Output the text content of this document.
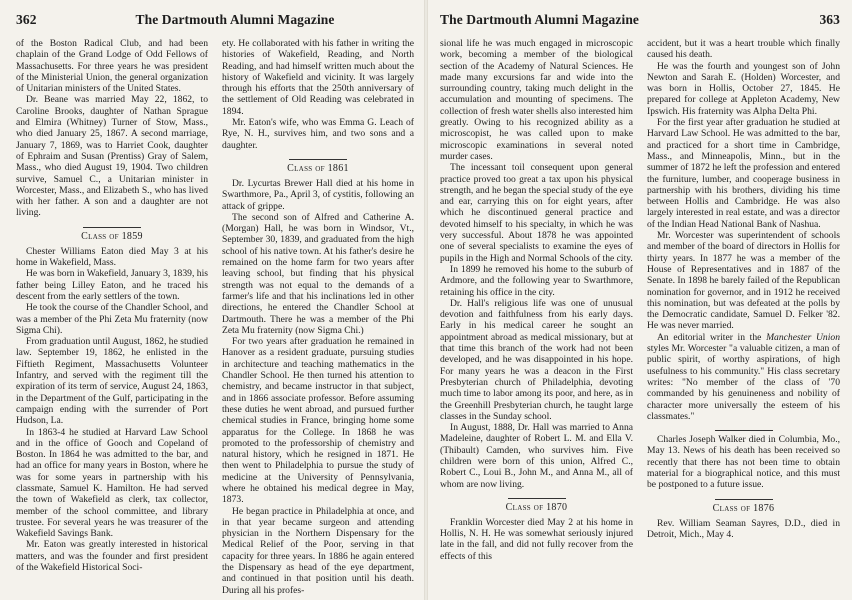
362	The Dartmouth Alumni Magazine

of the Boston Radical Club, and had been chaplain of the Grand Lodge of Odd Fellows of Massachusetts. For three years he was president of the Ministerial Union, the general organization of Unitarian ministers of the United States.

Dr. Beane was married May 22, 1862, to Caroline Brooks, daughter of Nathan Sprague and Elmira (Whitney) Turner of Stow, Mass., who died January 25, 1867. A second marriage, January 7, 1869, was to Harriet Cook, daughter of Ephraim and Susan (Prentiss) Gray of Salem, Mass., who died August 19, 1904. Two children survive, Samuel C., a Unitarian minister in Worcester, Mass., and Elizabeth S., who has lived with her father. A son and a daughter are not living.

Class of 1859

Chester Williams Eaton died May 3 at his home in Wakefield, Mass.

He was born in Wakefield, January 3, 1839, his father being Lilley Eaton, and he traced his descent from the early settlers of the town.

He took the course of the Chandler School, and was a member of the Phi Zeta Mu fraternity (now Sigma Chi).

From graduation until August, 1862, he studied law. September 19, 1862, he enlisted in the Fiftieth Regiment, Massachusetts Volunteer Infantry, and served with the regiment till the expiration of its term of service, August 24, 1863, in the Department of the Gulf, participating in the campaign ending with the surrender of Port Hudson, La.

In 1863-4 he studied at Harvard Law School and in the office of Gooch and Copeland of Boston. In 1864 he was admitted to the bar, and had an office for many years in Boston, where he was for some years in partnership with his classmate, Samuel K. Hamilton. He had served the town of Wakefield as clerk, tax collector, member of the school committee, and library trustee. For several years he was treasurer of the Wakefield Savings Bank.

Mr. Eaton was greatly interested in historical matters, and was the founder and first president of the Wakefield Historical Soci-

ety. He collaborated with his father in writing the histories of Wakefield, Reading, and North Reading, and had himself written much about the history of Wakefield and vicinity. It was largely through his efforts that the 250th anniversary of the settlement of Old Reading was celebrated in 1894.

Mr. Eaton's wife, who was Emma G. Leach of Rye, N. H., survives him, and two sons and a daughter.

Class of 1861

Dr. Lycurtas Brewer Hall died at his home in Swarthmore, Pa., April 3, of cystitis, following an attack of grippe.

The second son of Alfred and Catherine A. (Morgan) Hall, he was born in Windsor, Vt., September 30, 1839, and graduated from the high school of his native town. At his father's desire he remained on the home farm for two years after leaving school, but finding that his physical strength was not equal to the demands of a farmer's life and that his inclinations led in other directions, he entered the Chandler School at Dartmouth. There he was a member of the Phi Zeta Mu fraternity (now Sigma Chi.)

For two years after graduation he remained in Hanover as a resident graduate, pursuing studies in architecture and teaching mathematics in the Chandler School. He then turned his attention to chemistry, and became instructor in that subject, and in 1866 associate professor. Before assuming these duties he went abroad, and pursued further chemical studies in France, bringing home some apparatus for the College. In 1868 he was promoted to the professorship of chemistry and natural history, which he resigned in 1871. He then went to Philadelphia to pursue the study of medicine at the University of Pennsylvania, where he obtained his medical degree in May, 1873.

He began practice in Philadelphia at once, and in that year became surgeon and attending physician in the Northern Dispensary for the Medical Relief of the Poor, serving in that capacity for three years. In 1886 he again entered the Dispensary as head of the eye department, and continued in that position until his death. During all his profes-

The Dartmouth Alumni Magazine	363

sional life he was much engaged in microscopic work, becoming a member of the biological section of the Academy of Natural Sciences. He made many excursions far and wide into the surrounding country, taking much delight in the accumulation and mounting of specimens. The collection of fresh water shells also interested him greatly. Owing to his recognized ability as a microscopist, he was called upon to make microscopic examinations in several noted murder cases.

The incessant toil consequent upon general practice proved too great a tax upon his physical strength, and he began the special study of the eye and ear, carrying this on for eight years, after which he discontinued general practice and devoted himself to his specialty, in which he was very successful. About 1878 he was appointed one of several specialists to examine the eyes of pupils in the High and Normal Schools of the city.

In 1899 he removed his home to the suburb of Ardmore, and the following year to Swarthmore, retaining his office in the city.

Dr. Hall's religious life was one of unusual devotion and faithfulness from his early days. Early in his medical career he sought an appointment abroad as medical missionary, but at that time this branch of the work had not been developed, and he was disappointed in his hope. For many years he was a deacon in the First Presbyterian church of Philadelphia, devoting much time to labor among its poor, and here, as in the Greenhill Presbyterian church, he taught large classes in the Sunday school.

In August, 1888, Dr. Hall was married to Anna Madeleine, daughter of Robert L. M. and Ella V. (Thibault) Camden, who survives him. Five children were born of this union, Alfred C., Robert C., Loui B., John M., and Anna M., all of whom are now living.

Class of 1870

Franklin Worcester died May 2 at his home in Hollis, N. H. He was somewhat seriously injured late in the fall, and did not fully recover from the effects of this

accident, but it was a heart trouble which finally caused his death.

He was the fourth and youngest son of John Newton and Sarah E. (Holden) Worcester, and was born in Hollis, October 27, 1845. He prepared for college at Appleton Academy, New Ipswich. His fraternity was Alpha Delta Phi.

For the first year after graduation he studied at Harvard Law School. He was admitted to the bar, and practiced for a short time in Cambridge, Mass., and Minneapolis, Minn., but in the summer of 1872 he left the profession and entered the furniture, lumber, and cooperage business in partnership with his brothers, dividing his time between Hollis and Cambridge. He was also largely interested in real estate, and was a director of the Indian Head National Bank of Nashua.

Mr. Worcester was superintendent of schools and member of the board of directors in Hollis for thirty years. In 1877 he was a member of the House of Representatives and in 1887 of the Senate. In 1898 he barely failed of the Republican nomination for governor, and in 1912 he received this nomination, but was defeated at the polls by the Democratic candidate, Samuel D. Felker '82. He was never married.

An editorial writer in the Manchester Union styles Mr. Worcester "a valuable citizen, a man of public spirit, of worthy aspirations, of high usefulness to his community." His class secretary writes: "No member of the class of '70 commanded by his genuineness and nobility of character more universally the esteem of his classmates."

Charles Joseph Walker died in Columbia, Mo., May 13. News of his death has been received so recently that there has not been time to obtain material for a biographical notice, and this must be postponed to a future issue.

Class of 1876

Rev. William Seaman Sayres, D.D., died in Detroit, Mich., May 4.
